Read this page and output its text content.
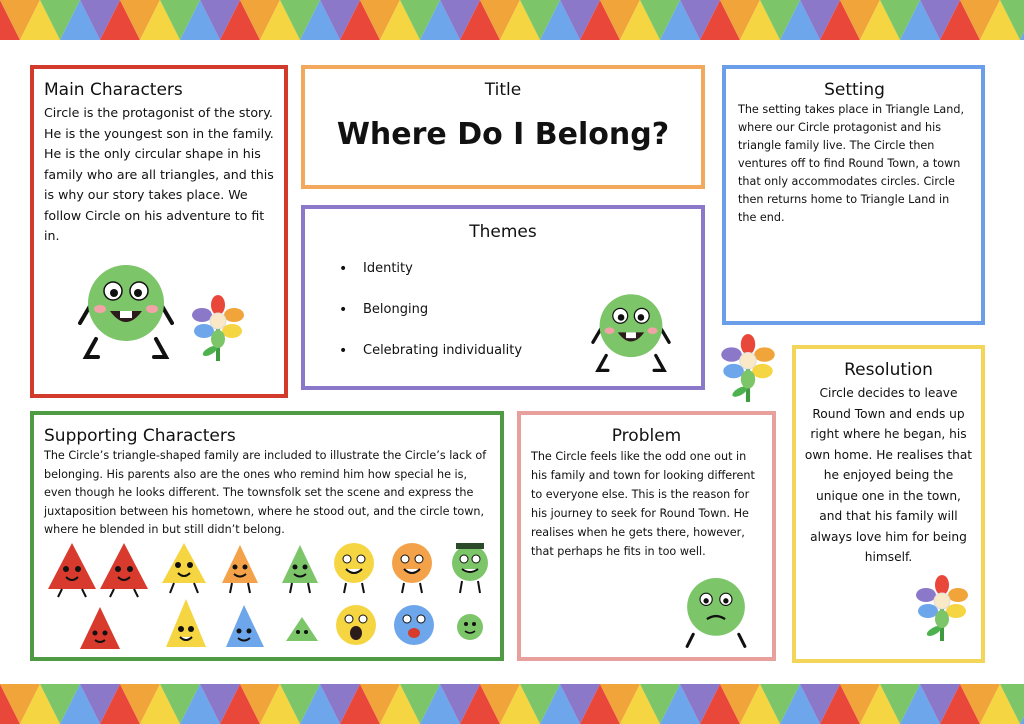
Main Characters

Circle is the protagonist of the story. He is the youngest son in the family. He is the only circular shape in his family who are all triangles, and this is why our story takes place. We follow Circle on his adventure to fit in.

Title

Where Do I Belong?

Setting

The setting takes place in Triangle Land, where our Circle protagonist and his triangle family live. The Circle then ventures off to find Round Town, a town that only accommodates circles. Circle then returns home to Triangle Land in the end.

Themes

• Identity
• Belonging
• Celebrating individuality

Resolution

Circle decides to leave Round Town and ends up right where he began, his own home. He realises that he enjoyed being the unique one in the town, and that his family will always love him for being himself.

Supporting Characters

The Circle’s triangle-shaped family are included to illustrate the Circle’s lack of belonging. His parents also are the ones who remind him how special he is, even though he looks different. The townsfolk set the scene and express the juxtaposition between his hometown, where he stood out, and the circle town, where he blended in but still didn’t belong.

Problem

The Circle feels like the odd one out in his family and town for looking different to everyone else. This is the reason for his journey to seek for Round Town. He realises when he gets there, however, that perhaps he fits in too well.
